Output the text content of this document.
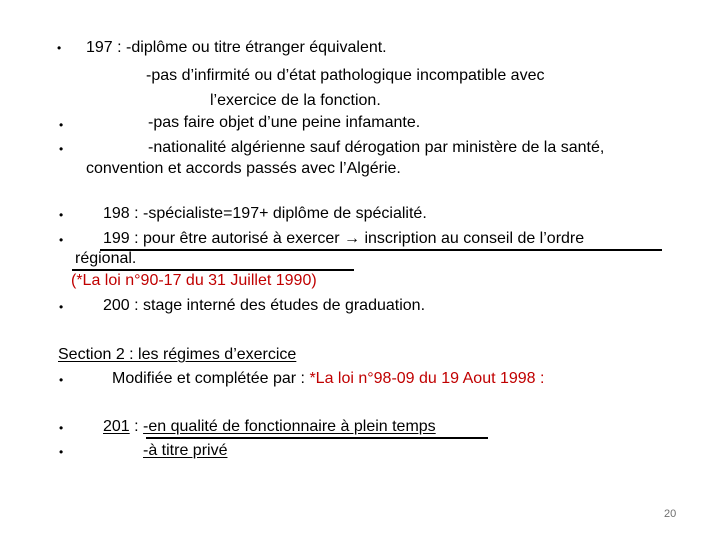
• 197 : -diplôme ou titre étranger équivalent.
-pas d’infirmité ou d’état pathologique incompatible avec
l’exercice de la fonction.
•	-pas faire objet d’une peine infamante.
•	-nationalité algérienne sauf dérogation par ministère de la santé,
convention et accords passés avec l’Algérie.
• 198 : -spécialiste=197+ diplôme de spécialité.
• 199 : pour être autorisé à exercer → inscription au conseil de l’ordre
régional.
(*La loi n°90-17 du 31 Juillet 1990)
• 200 : stage interné des études de graduation.
Section 2 : les régimes d’exercice
•	Modifiée et complétée par : *La loi n°98-09 du 19 Aout 1998 :
• 201 : -en qualité de fonctionnaire à plein temps
•	-à titre privé
20
